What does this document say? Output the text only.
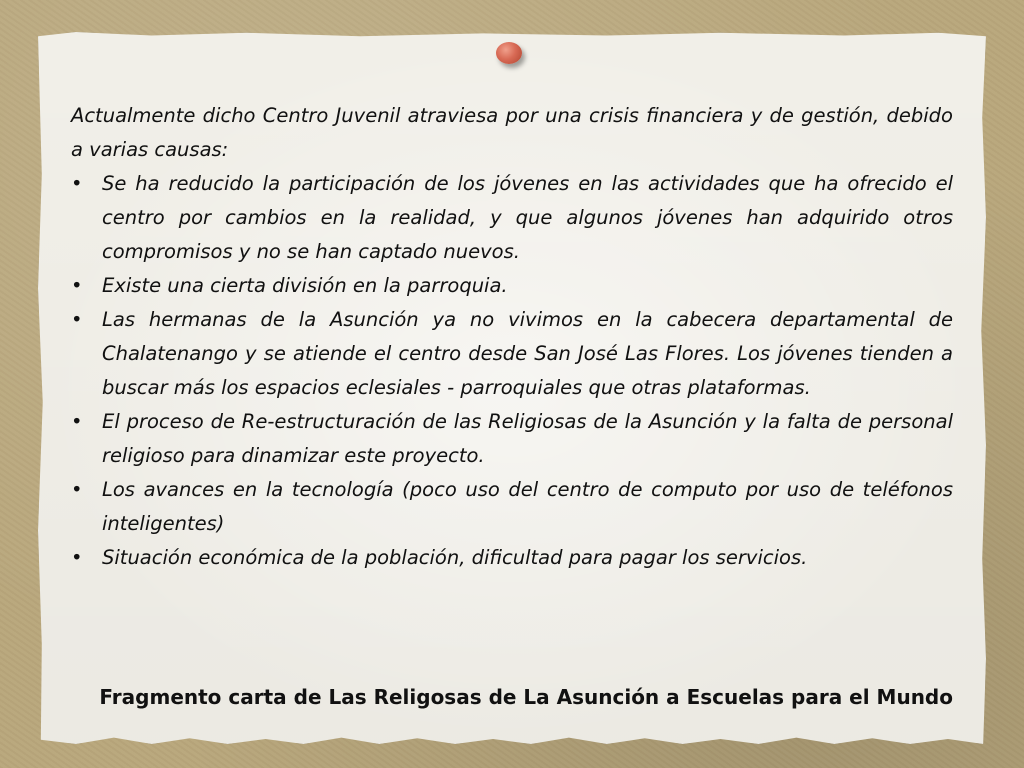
Actualmente dicho Centro Juvenil atraviesa por una crisis financiera y de gestión, debido a varias causas:

• Se ha reducido la participación de los jóvenes en las actividades que ha ofrecido el centro por cambios en la realidad, y que algunos jóvenes han adquirido otros compromisos y no se han captado nuevos.
• Existe una cierta división en la parroquia.
• Las hermanas de la Asunción ya no vivimos en la cabecera departamental de Chalatenango y se atiende el centro desde San José Las Flores. Los jóvenes tienden a buscar más los espacios eclesiales - parroquiales que otras plataformas.
• El proceso de Re-estructuración de las Religiosas de la Asunción y la falta de personal religioso para dinamizar este proyecto.
• Los avances en la tecnología (poco uso del centro de computo por uso de teléfonos inteligentes)
• Situación económica de la población, dificultad para pagar los servicios.
Fragmento carta de Las Religosas de La Asunción a Escuelas para el Mundo
